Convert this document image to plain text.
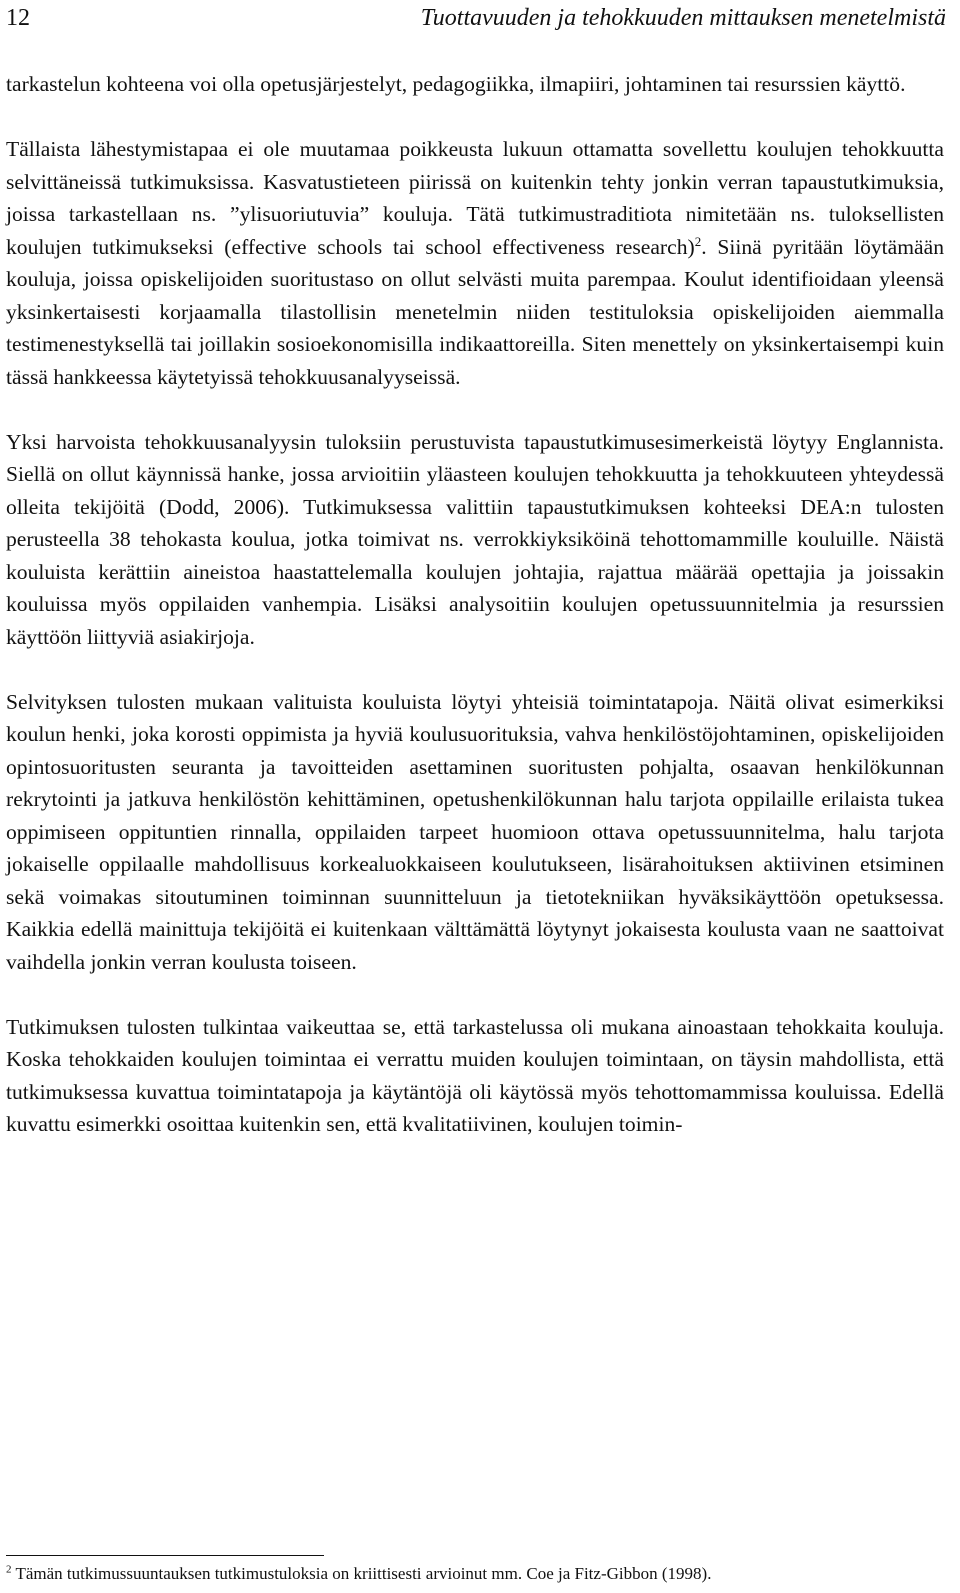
12	Tuottavuuden ja tehokkuuden mittauksen menetelmistä

tarkastelun kohteena voi olla opetusjärjestelyt, pedagogiikka, ilmapiiri, johtaminen tai resurssien käyttö.

Tällaista lähestymistapaa ei ole muutamaa poikkeusta lukuun ottamatta sovellettu koulujen tehokkuutta selvittäneissä tutkimuksissa. Kasvatustieteen piirissä on kuitenkin tehty jonkin verran tapaustutkimuksia, joissa tarkastellaan ns. ”ylisuoriutuvia” kouluja. Tätä tutkimustraditiota nimitetään ns. tuloksellisten koulujen tutkimukseksi (effective schools tai school effectiveness research)$^2$. Siinä pyritään löytämään kouluja, joissa opiskelijoiden suoritustaso on ollut selvästi muita parempaa. Koulut identifioidaan yleensä yksinkertaisesti korjaamalla tilastollisin menetelmin niiden testituloksia opiskelijoiden aiemmalla testimenestyksellä tai joillakin sosioekonomisilla indikaattoreilla. Siten menettely on yksinkertaisempi kuin tässä hankkeessa käytetyissä tehokkuusanalyyseissä.

Yksi harvoista tehokkuusanalyysin tuloksiin perustuvista tapaustutkimusesimerkeistä löytyy Englannista. Siellä on ollut käynnissä hanke, jossa arvioitiin yläasteen koulujen tehokkuutta ja tehokkuuteen yhteydessä olleita tekijöitä (Dodd, 2006). Tutkimuksessa valittiin tapaustutkimuksen kohteeksi DEA:n tulosten perusteella 38 tehokasta koulua, jotka toimivat ns. verrokkiyksiköinä tehottomammille kouluille. Näistä kouluista kerättiin aineistoa haastattelemalla koulujen johtajia, rajattua määrää opettajia ja joissakin kouluissa myös oppilaiden vanhempia. Lisäksi analysoitiin koulujen opetussuunnitelmia ja resurssien käyttöön liittyviä asiakirjoja.

Selvityksen tulosten mukaan valituista kouluista löytyi yhteisiä toimintatapoja. Näitä olivat esimerkiksi koulun henki, joka korosti oppimista ja hyviä koulusuorituksia, vahva henkilöstöjohtaminen, opiskelijoiden opintosuoritusten seuranta ja tavoitteiden asettaminen suoritusten pohjalta, osaavan henkilökunnan rekrytointi ja jatkuva henkilöstön kehittäminen, opetushenkilökunnan halu tarjota oppilaille erilaista tukea oppimiseen oppituntien rinnalla, oppilaiden tarpeet huomioon ottava opetussuunnitelma, halu tarjota jokaiselle oppilaalle mahdollisuus korkealuokkaiseen koulutukseen, lisärahoituksen aktiivinen etsiminen sekä voimakas sitoutuminen toiminnan suunnitteluun ja tietotekniikan hyväksikäyttöön opetuksessa. Kaikkia edellä mainittuja tekijöitä ei kuitenkaan välttämättä löytynyt jokaisesta koulusta vaan ne saattoivat vaihdella jonkin verran koulusta toiseen.

Tutkimuksen tulosten tulkintaa vaikeuttaa se, että tarkastelussa oli mukana ainoastaan tehokkaita kouluja. Koska tehokkaiden koulujen toimintaa ei verrattu muiden koulujen toimintaan, on täysin mahdollista, että tutkimuksessa kuvattua toimintatapoja ja käytäntöjä oli käytössä myös tehottomammissa kouluissa. Edellä kuvattu esimerkki osoittaa kuitenkin sen, että kvalitatiivinen, koulujen toimin-

$^2$ Tämän tutkimussuuntauksen tutkimustuloksia on kriittisesti arvioinut mm. Coe ja Fitz-Gibbon (1998).
